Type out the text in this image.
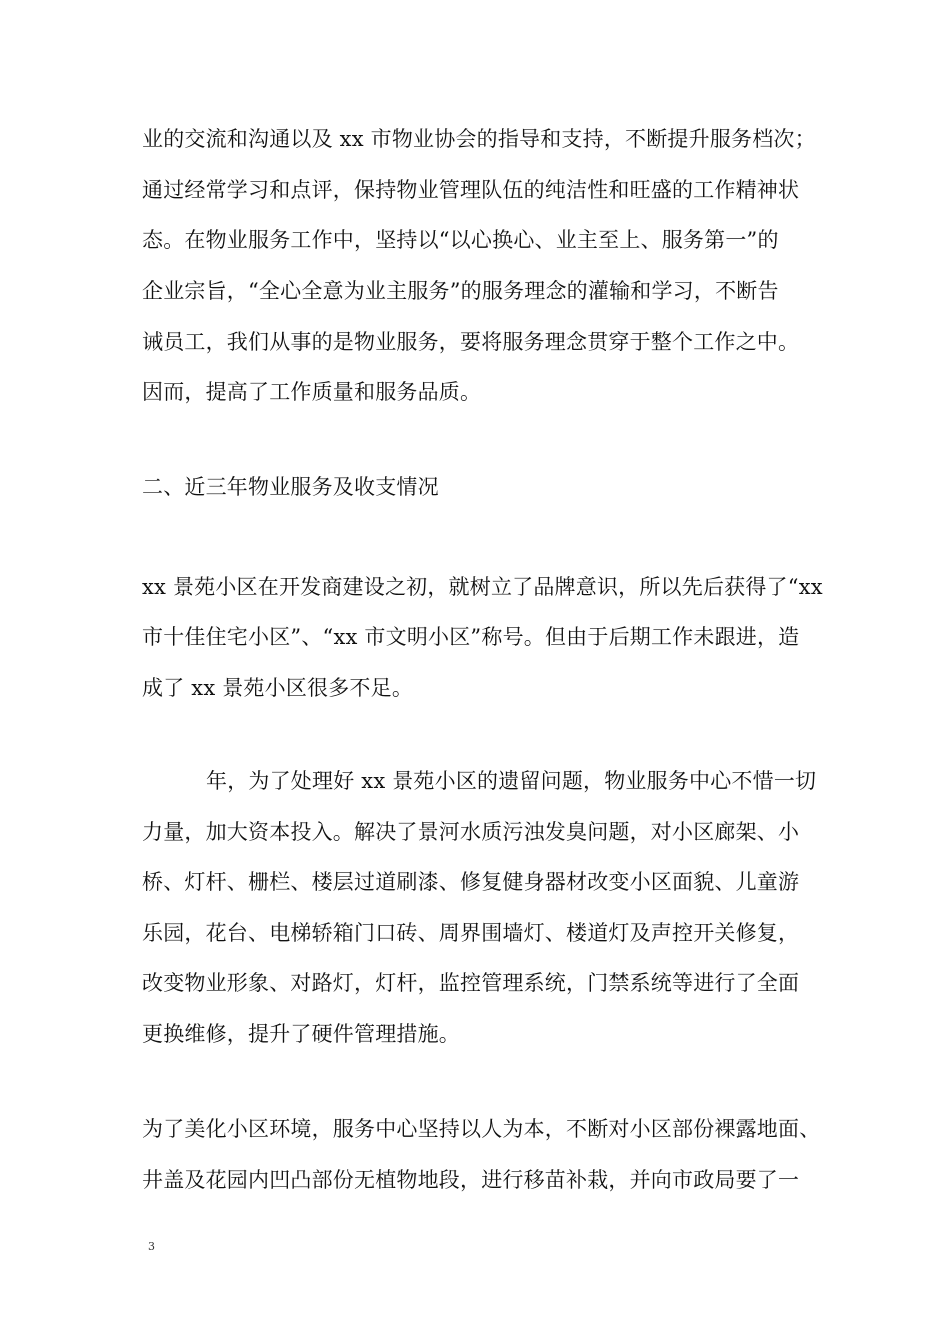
业的交流和沟通以及 xx 市物业协会的指导和支持，不断提升服务档次；
通过经常学习和点评，保持物业管理队伍的纯洁性和旺盛的工作精神状
态。在物业服务工作中，坚持以“以心换心、业主至上、服务第一”的
企业宗旨，“全心全意为业主服务”的服务理念的灌输和学习，不断告
诫员工，我们从事的是物业服务，要将服务理念贯穿于整个工作之中。
因而，提高了工作质量和服务品质。
二、近三年物业服务及收支情况
xx 景苑小区在开发商建设之初，就树立了品牌意识，所以先后获得了“xx
市十佳住宅小区”、“xx 市文明小区”称号。但由于后期工作未跟进，造
成了 xx 景苑小区很多不足。
年，为了处理好 xx 景苑小区的遗留问题，物业服务中心不惜一切
力量，加大资本投入。解决了景河水质污浊发臭问题，对小区廊架、小
桥、灯杆、栅栏、楼层过道刷漆、修复健身器材改变小区面貌、儿童游
乐园，花台、电梯轿箱门口砖、周界围墙灯、楼道灯及声控开关修复，
改变物业形象、对路灯，灯杆，监控管理系统，门禁系统等进行了全面
更换维修，提升了硬件管理措施。
为了美化小区环境，服务中心坚持以人为本，不断对小区部份裸露地面、
井盖及花园内凹凸部份无植物地段，进行移苗补栽，并向市政局要了一
3
